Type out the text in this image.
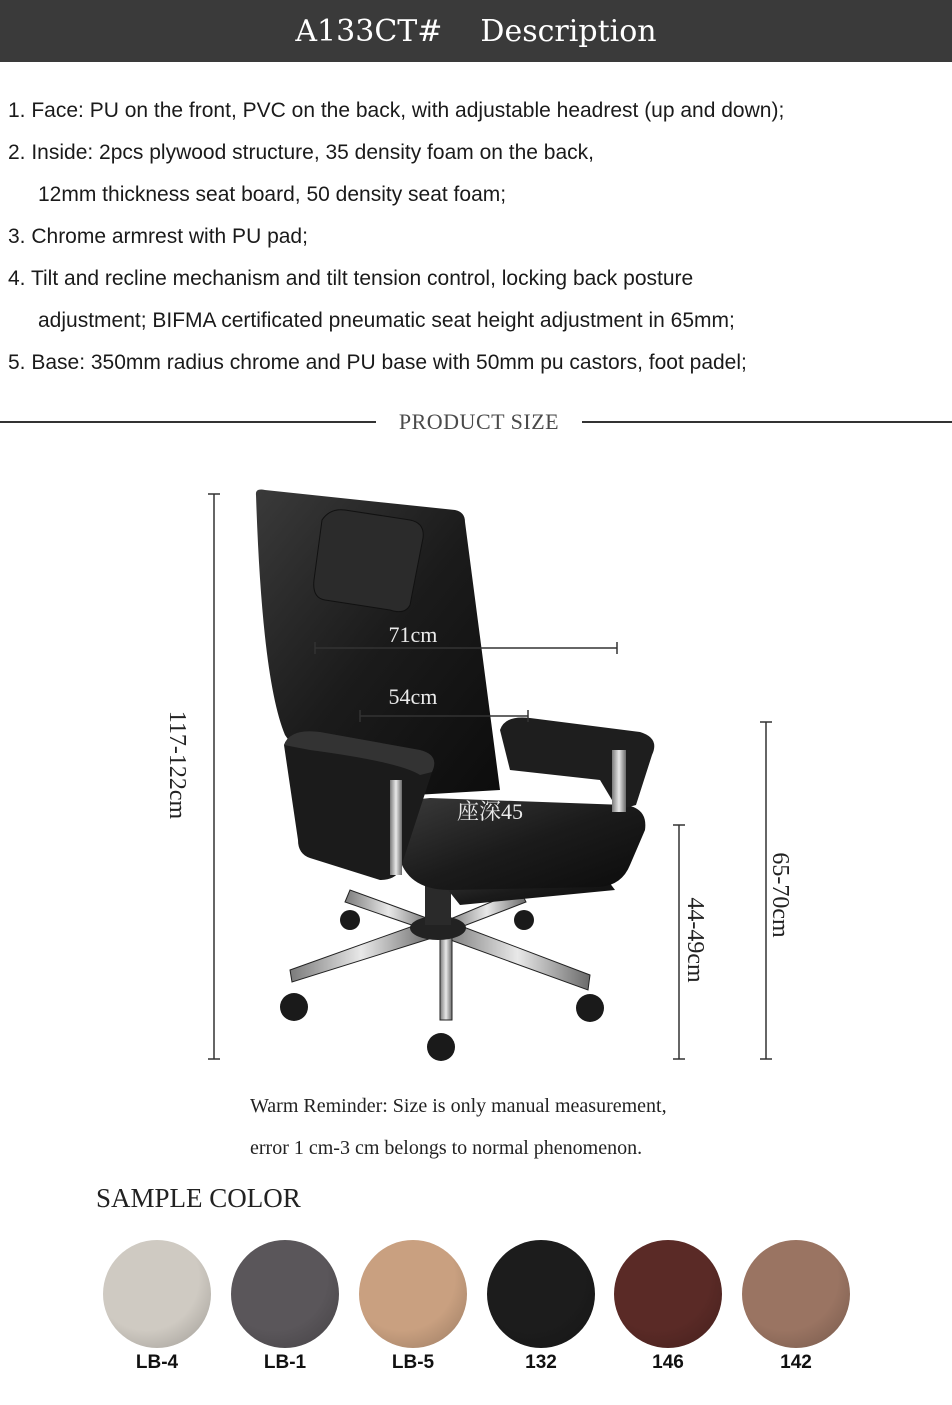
A133CT# Description
1. Face: PU on the front, PVC on the back, with adjustable headrest (up and down);
2. Inside: 2pcs plywood structure, 35 density foam on the back,
12mm thickness seat board, 50 density seat foam;
3. Chrome armrest with PU pad;
4. Tilt and recline mechanism and tilt tension control, locking back posture
adjustment; BIFMA certificated pneumatic seat height adjustment in 65mm;
5. Base: 350mm radius chrome and PU base with 50mm pu castors, foot padel;
PRODUCT SIZE
71cm
54cm
座深45
117-122cm
65-70cm
44-49cm
Warm Reminder: Size is only manual measurement,
error 1 cm-3 cm belongs to normal phenomenon.
SAMPLE COLOR
LB-4	LB-1	LB-5	132	146	142
